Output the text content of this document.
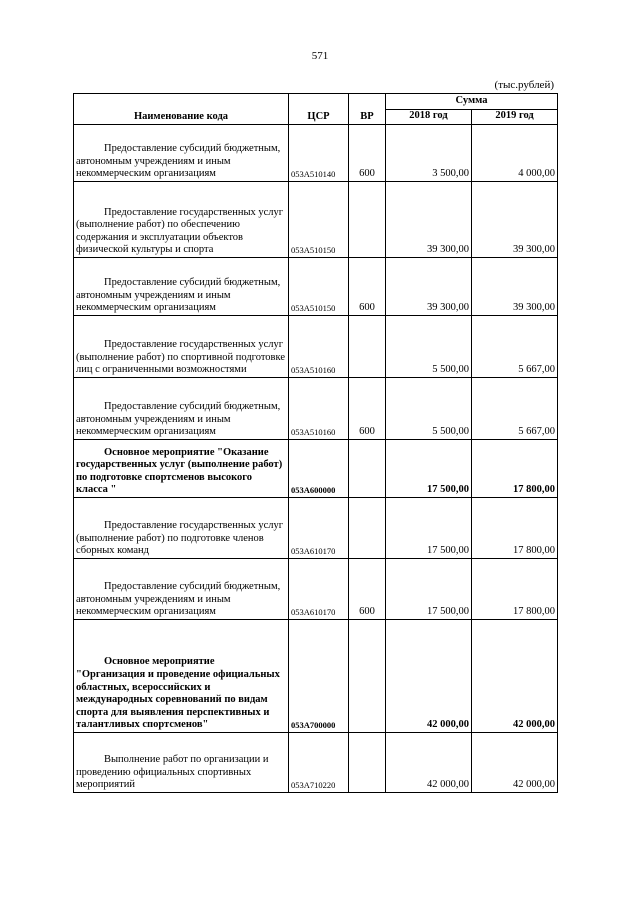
571
(тыс.рублей)
Наименование кода	ЦСР	ВР	Сумма	
			2018 год	2019 год

Предоставление субсидий бюджетным, автономным учреждениям и иным некоммерческим организациям	053А510140	600	3 500,00	4 000,00

Предоставление государственных услуг (выполнение работ) по обеспечению содержания и эксплуатации объектов физической культуры и спорта	053А510150		39 300,00	39 300,00

Предоставление субсидий бюджетным, автономным учреждениям и иным некоммерческим организациям	053А510150	600	39 300,00	39 300,00

Предоставление государственных услуг (выполнение работ) по спортивной подготовке лиц с ограниченными возможностями	053А510160		5 500,00	5 667,00

Предоставление субсидий бюджетным, автономным учреждениям и иным некоммерческим организациям	053А510160	600	5 500,00	5 667,00

Основное мероприятие "Оказание государственных услуг (выполнение работ) по подготовке спортсменов высокого класса "	053А600000		17 500,00	17 800,00

Предоставление государственных услуг (выполнение работ) по подготовке членов сборных команд	053А610170		17 500,00	17 800,00

Предоставление субсидий бюджетным, автономным учреждениям и иным некоммерческим организациям	053А610170	600	17 500,00	17 800,00

Основное мероприятие "Организация и проведение официальных областных, всероссийских и международных соревнований по видам спорта для выявления перспективных и талантливых спортсменов"	053А700000		42 000,00	42 000,00

Выполнение работ по организации и проведению официальных спортивных мероприятий	053А710220		42 000,00	42 000,00
